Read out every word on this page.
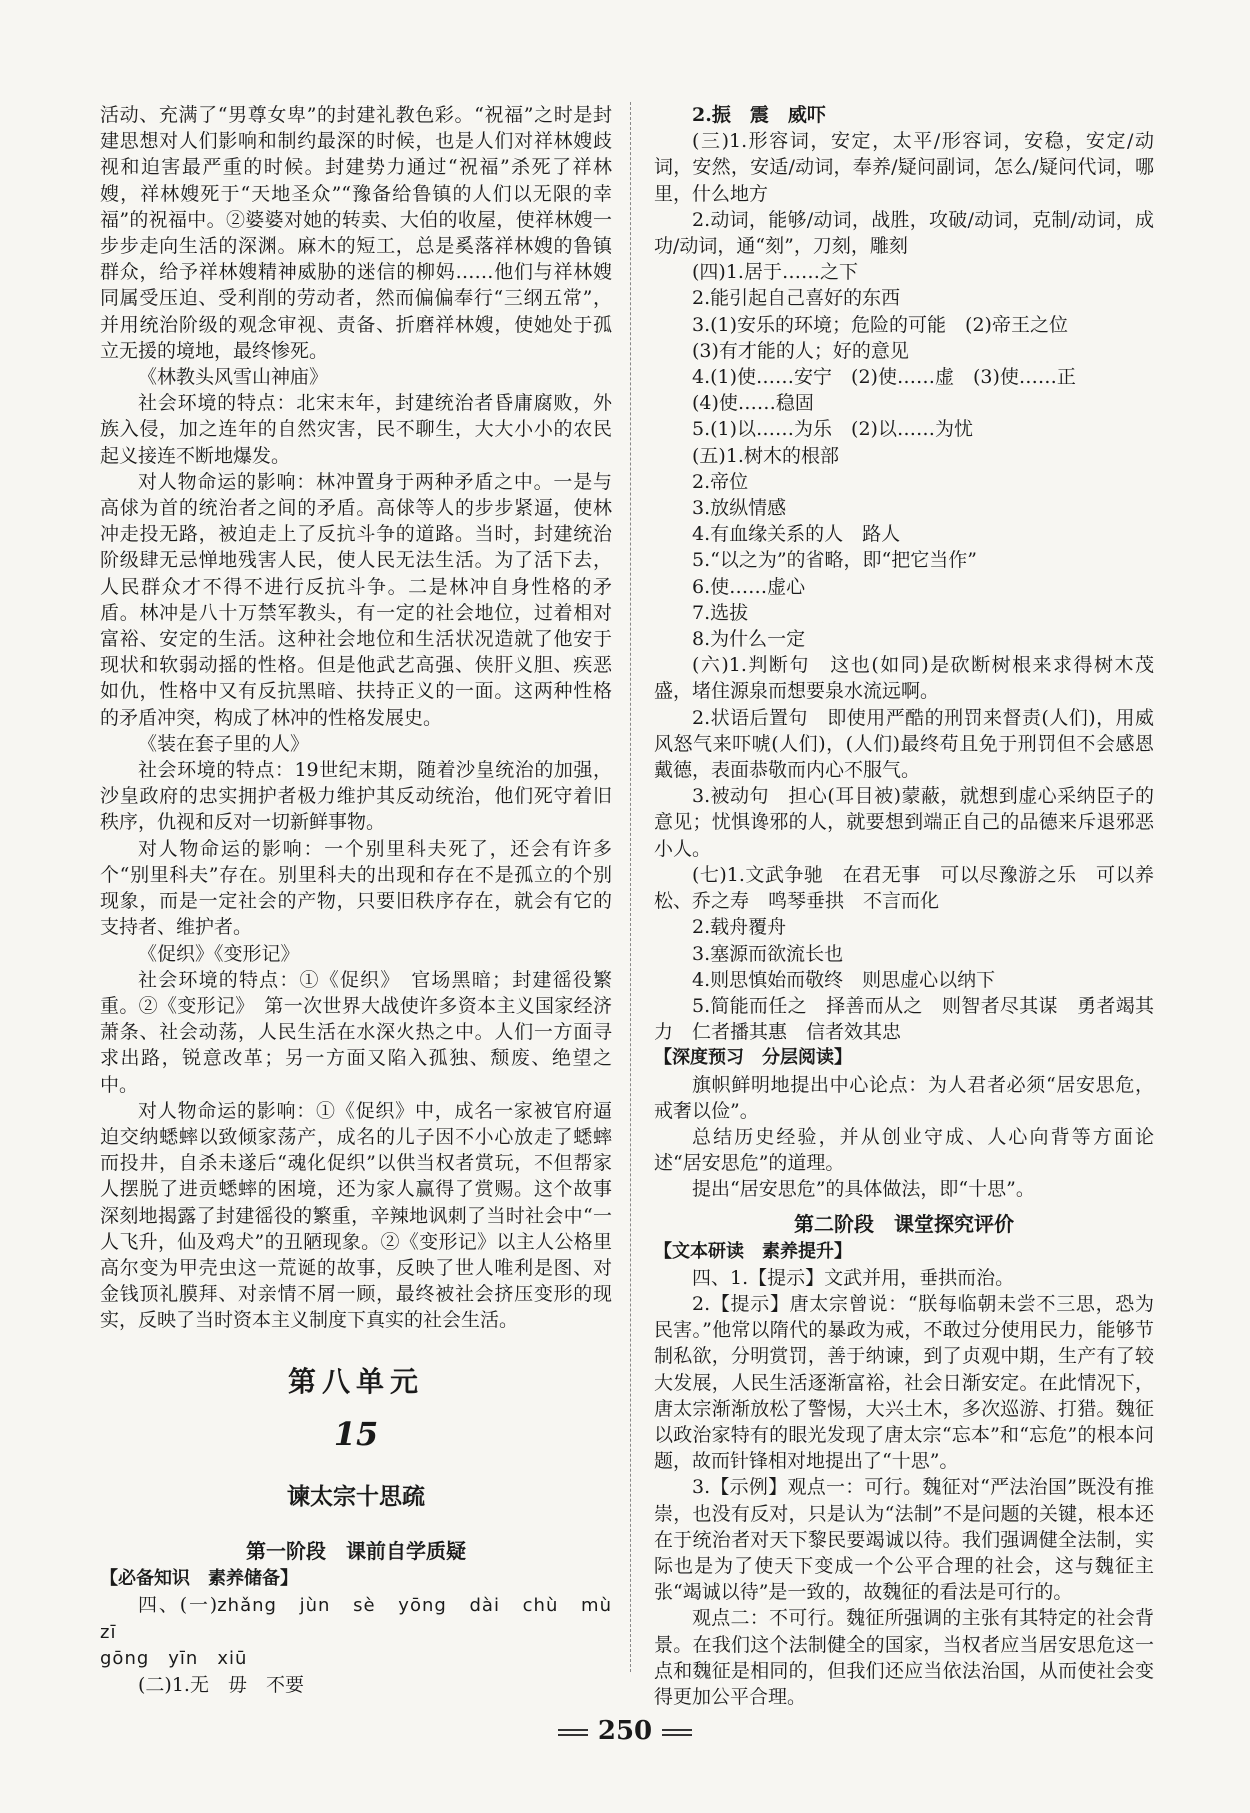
活动、充满了“男尊女卑”的封建礼教色彩。“祝福”之时是封建思想对人们影响和制约最深的时候，也是人们对祥林嫂歧视和迫害最严重的时候。封建势力通过“祝福”杀死了祥林嫂，祥林嫂死于“天地圣众”“豫备给鲁镇的人们以无限的幸福”的祝福中。②婆婆对她的转卖、大伯的收屋，使祥林嫂一步步走向生活的深渊。麻木的短工，总是奚落祥林嫂的鲁镇群众，给予祥林嫂精神威胁的迷信的柳妈……他们与祥林嫂同属受压迫、受利削的劳动者，然而偏偏奉行“三纲五常”，并用统治阶级的观念审视、责备、折磨祥林嫂，使她处于孤立无援的境地，最终惨死。

《林教头风雪山神庙》

社会环境的特点：北宋末年，封建统治者昏庸腐败，外族入侵，加之连年的自然灾害，民不聊生，大大小小的农民起义接连不断地爆发。

对人物命运的影响：林冲置身于两种矛盾之中。一是与高俅为首的统治者之间的矛盾。高俅等人的步步紧逼，使林冲走投无路，被迫走上了反抗斗争的道路。当时，封建统治阶级肆无忌惮地残害人民，使人民无法生活。为了活下去，人民群众才不得不进行反抗斗争。二是林冲自身性格的矛盾。林冲是八十万禁军教头，有一定的社会地位，过着相对富裕、安定的生活。这种社会地位和生活状况造就了他安于现状和软弱动摇的性格。但是他武艺高强、侠肝义胆、疾恶如仇，性格中又有反抗黑暗、扶持正义的一面。这两种性格的矛盾冲突，构成了林冲的性格发展史。

《装在套子里的人》

社会环境的特点：19世纪末期，随着沙皇统治的加强，沙皇政府的忠实拥护者极力维护其反动统治，他们死守着旧秩序，仇视和反对一切新鲜事物。

对人物命运的影响：一个别里科夫死了，还会有许多个“别里科夫”存在。别里科夫的出现和存在不是孤立的个别现象，而是一定社会的产物，只要旧秩序存在，就会有它的支持者、维护者。

《促织》《变形记》

社会环境的特点：①《促织》　官场黑暗；封建徭役繁重。②《变形记》　第一次世界大战使许多资本主义国家经济萧条、社会动荡，人民生活在水深火热之中。人们一方面寻求出路，锐意改革；另一方面又陷入孤独、颓废、绝望之中。

对人物命运的影响：①《促织》中，成名一家被官府逼迫交纳蟋蟀以致倾家荡产，成名的儿子因不小心放走了蟋蟀而投井，自杀未遂后“魂化促织”以供当权者赏玩，不但帮家人摆脱了进贡蟋蟀的困境，还为家人赢得了赏赐。这个故事深刻地揭露了封建徭役的繁重，辛辣地讽刺了当时社会中“一人飞升，仙及鸡犬”的丑陋现象。②《变形记》以主人公格里高尔变为甲壳虫这一荒诞的故事，反映了世人唯利是图、对金钱顶礼膜拜、对亲情不屑一顾，最终被社会挤压变形的现实，反映了当时资本主义制度下真实的社会生活。

第八单元
15
谏太宗十思疏
第一阶段　课前自学质疑

【必备知识　素养储备】

四、(一)zhǎng　jùn　sè　yōng　dài　chù　mù　zī

gōng　yīn　xiū

(二)1.无　毋　不要

2.振　震　威吓

(三)1.形容词，安定，太平/形容词，安稳，安定/动词，安然，安适/动词，奉养/疑问副词，怎么/疑问代词，哪里，什么地方

2.动词，能够/动词，战胜，攻破/动词，克制/动词，成功/动词，通“刻”，刀刻，雕刻

(四)1.居于……之下

2.能引起自己喜好的东西

3.(1)安乐的环境；危险的可能　(2)帝王之位

(3)有才能的人；好的意见

4.(1)使……安宁　(2)使……虚　(3)使……正

(4)使……稳固

5.(1)以……为乐　(2)以……为忧

(五)1.树木的根部

2.帝位

3.放纵情感

4.有血缘关系的人　路人

5.“以之为”的省略，即“把它当作”

6.使……虚心

7.选拔

8.为什么一定

(六)1.判断句　这也(如同)是砍断树根来求得树木茂盛，堵住源泉而想要泉水流远啊。

2.状语后置句　即使用严酷的刑罚来督责(人们)，用威风怒气来吓唬(人们)，(人们)最终苟且免于刑罚但不会感恩戴德，表面恭敬而内心不服气。

3.被动句　担心(耳目被)蒙蔽，就想到虚心采纳臣子的意见；忧惧谗邪的人，就要想到端正自己的品德来斥退邪恶小人。

(七)1.文武争驰　在君无事　可以尽豫游之乐　可以养松、乔之寿　鸣琴垂拱　不言而化

2.载舟覆舟

3.塞源而欲流长也

4.则思慎始而敬终　则思虚心以纳下

5.简能而任之　择善而从之　则智者尽其谋　勇者竭其力　仁者播其惠　信者效其忠

【深度预习　分层阅读】

旗帜鲜明地提出中心论点：为人君者必须“居安思危，戒奢以俭”。

总结历史经验，并从创业守成、人心向背等方面论述“居安思危”的道理。

提出“居安思危”的具体做法，即“十思”。

第二阶段　课堂探究评价

【文本研读　素养提升】

四、1.【提示】文武并用，垂拱而治。

2.【提示】唐太宗曾说：“朕每临朝未尝不三思，恐为民害。”他常以隋代的暴政为戒，不敢过分使用民力，能够节制私欲，分明赏罚，善于纳谏，到了贞观中期，生产有了较大发展，人民生活逐渐富裕，社会日渐安定。在此情况下，唐太宗渐渐放松了警惕，大兴土木，多次巡游、打猎。魏征以政治家特有的眼光发现了唐太宗“忘本”和“忘危”的根本问题，故而针锋相对地提出了“十思”。

3.【示例】观点一：可行。魏征对“严法治国”既没有推崇，也没有反对，只是认为“法制”不是问题的关键，根本还在于统治者对天下黎民要竭诚以待。我们强调健全法制，实际也是为了使天下变成一个公平合理的社会，这与魏征主张“竭诚以待”是一致的，故魏征的看法是可行的。

观点二：不可行。魏征所强调的主张有其特定的社会背景。在我们这个法制健全的国家，当权者应当居安思危这一点和魏征是相同的，但我们还应当依法治国，从而使社会变得更加公平合理。

250
